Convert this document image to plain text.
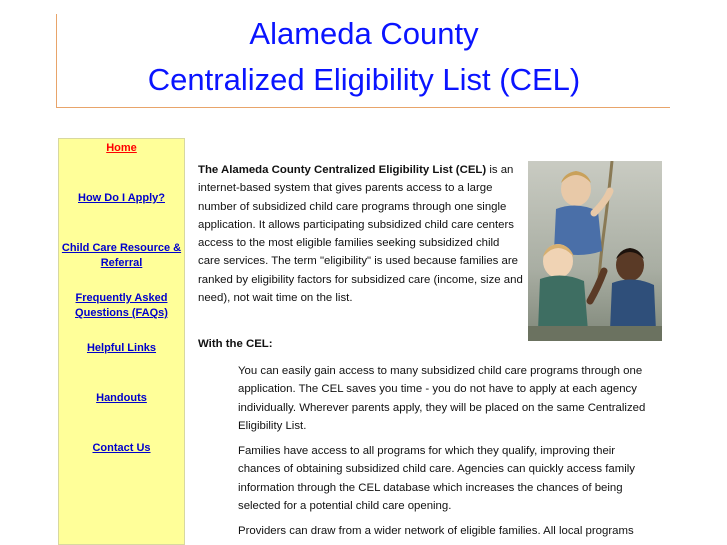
Alameda County
Centralized Eligibility List (CEL)
Home
How Do I Apply?
Child Care Resource &
Referral
Frequently Asked
Questions (FAQs)
Helpful Links
Handouts
Contact Us
The Alameda County Centralized Eligibility List (CEL) is an internet-based system that gives parents access to a large number of subsidized child care programs through one single application. It allows participating subsidized child care centers access to the most eligible families seeking subsidized child care services. The term "eligibility" is used because families are ranked by eligibility factors for subsidized care (income, size and need), not wait time on the list.
With the CEL:
You can easily gain access to many subsidized child care programs through one application. The CEL saves you time - you do not have to apply at each agency individually. Wherever parents apply, they will be placed on the same Centralized Eligibility List.
Families have access to all programs for which they qualify, improving their chances of obtaining subsidized child care. Agencies can quickly access family information through the CEL database which increases the chances of being selected for a potential child care opening.
Providers can draw from a wider network of eligible families. All local programs
